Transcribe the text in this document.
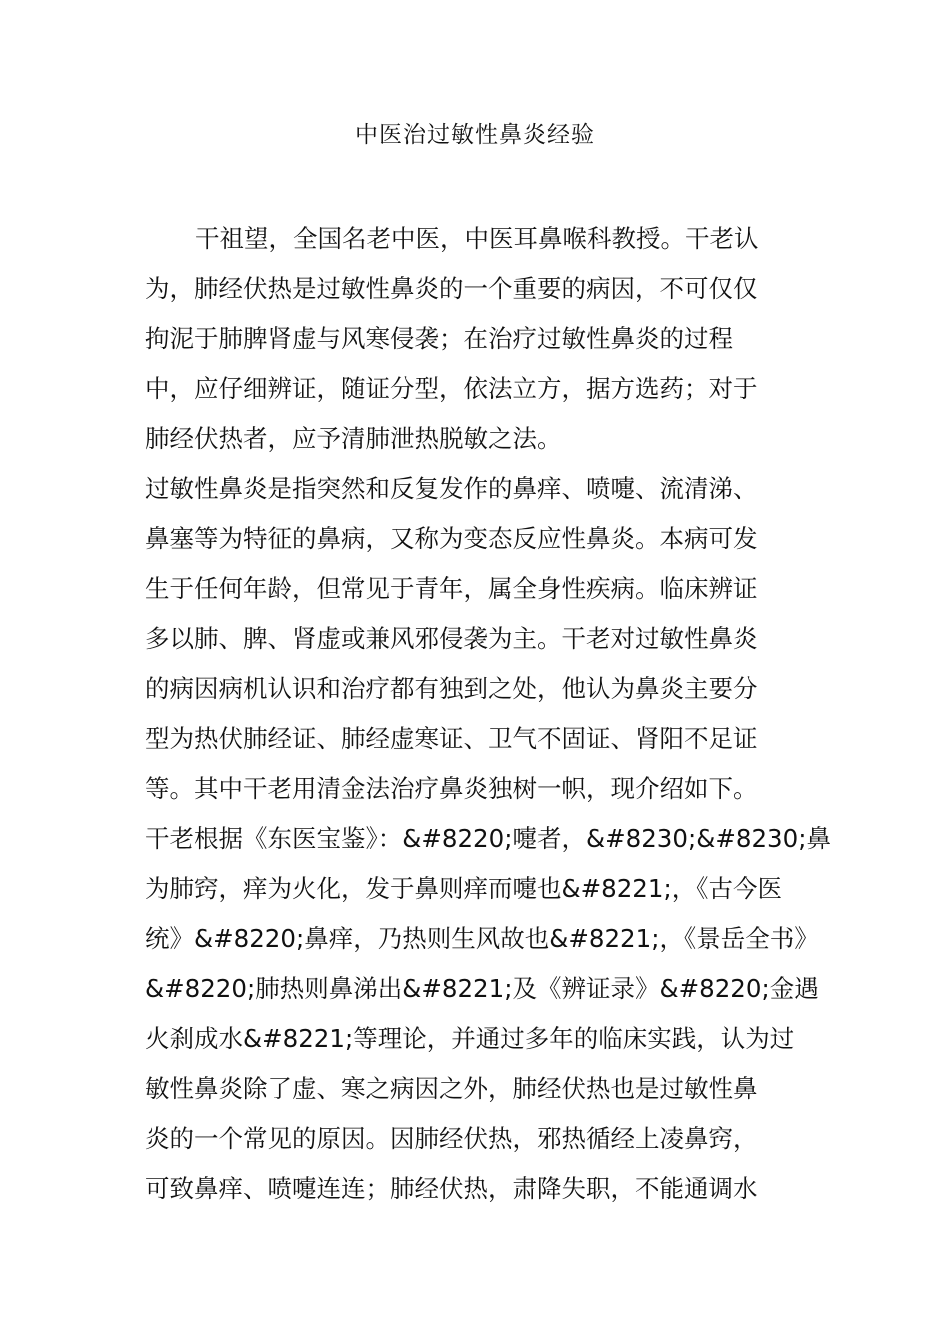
中医治过敏性鼻炎经验
干祖望，全国名老中医，中医耳鼻喉科教授。干老认
为，肺经伏热是过敏性鼻炎的一个重要的病因，不可仅仅
拘泥于肺脾肾虚与风寒侵袭；在治疗过敏性鼻炎的过程
中，应仔细辨证，随证分型，依法立方，据方选药；对于
肺经伏热者，应予清肺泄热脱敏之法。
过敏性鼻炎是指突然和反复发作的鼻痒、喷嚏、流清涕、
鼻塞等为特征的鼻病，又称为变态反应性鼻炎。本病可发
生于任何年龄，但常见于青年，属全身性疾病。临床辨证
多以肺、脾、肾虚或兼风邪侵袭为主。干老对过敏性鼻炎
的病因病机认识和治疗都有独到之处，他认为鼻炎主要分
型为热伏肺经证、肺经虚寒证、卫气不固证、肾阳不足证
等。其中干老用清金法治疗鼻炎独树一帜，现介绍如下。
干老根据《东医宝鉴》：&#8220;嚏者，&#8230;&#8230;鼻
为肺窍，痒为火化，发于鼻则痒而嚏也&#8221;，《古今医
统》&#8220;鼻痒，乃热则生风故也&#8221;，《景岳全书》
&#8220;肺热则鼻涕出&#8221;及《辨证录》&#8220;金遇
火刹成水&#8221;等理论，并通过多年的临床实践，认为过
敏性鼻炎除了虚、寒之病因之外，肺经伏热也是过敏性鼻
炎的一个常见的原因。因肺经伏热，邪热循经上凌鼻窍，
可致鼻痒、喷嚏连连；肺经伏热，肃降失职，不能通调水
